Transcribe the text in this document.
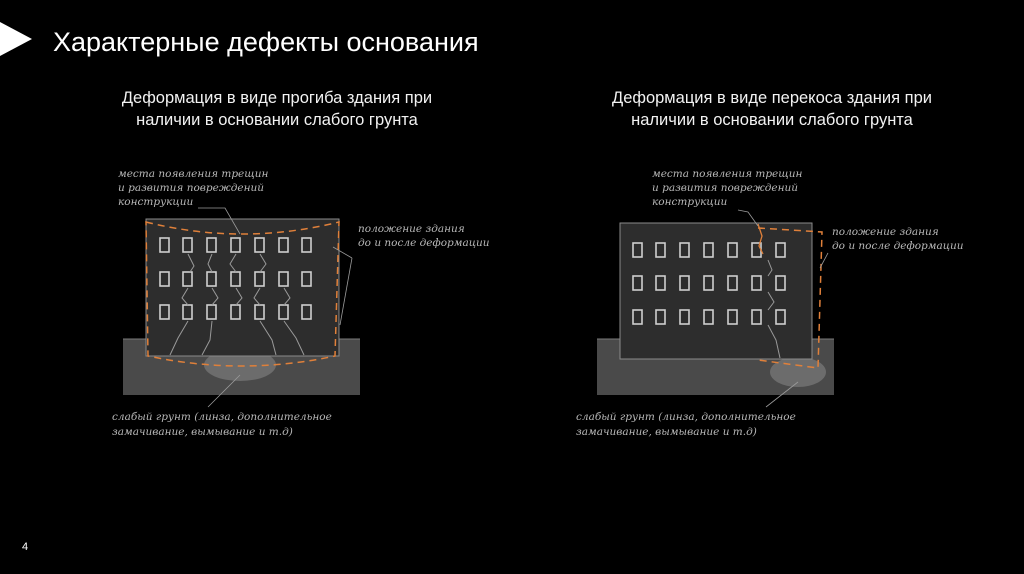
Характерные дефекты основания
Деформация в виде прогиба здания при
наличии в основании слабого грунта
Деформация в виде перекоса здания при
наличии в основании слабого грунта
места появления трещин и развития повреждений конструкции
положение здания до и после деформации
слабый грунт (линза, дополнительное замачивание, вымывание и т.д)
места появления трещин и развития повреждений конструкции
положение здания до и после деформации
слабый грунт (линза, дополнительное замачивание, вымывание и т.д)
4
